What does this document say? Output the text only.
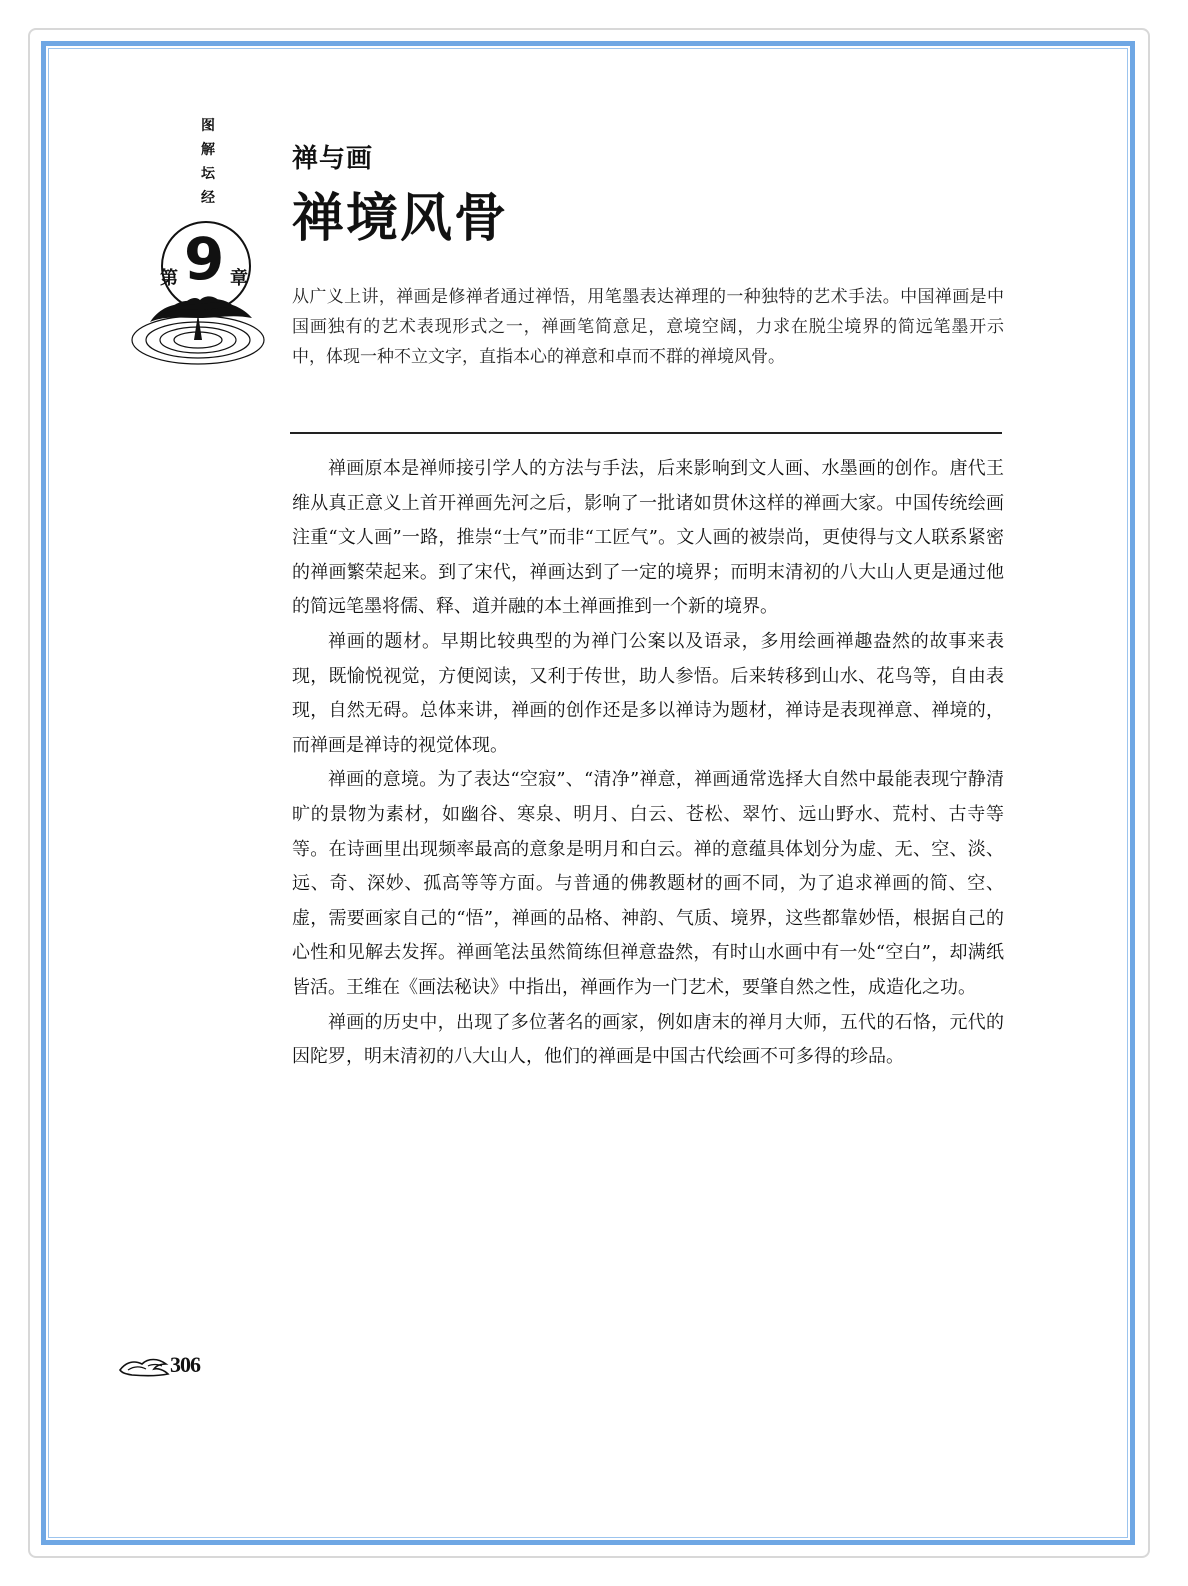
图
解
坛
经
第 9 章
禅与画
禅境风骨
从广义上讲，禅画是修禅者通过禅悟，用笔墨表达禅理的一种独特的艺术手法。中国禅画是中国画独有的艺术表现形式之一，禅画笔简意足，意境空阔，力求在脱尘境界的简远笔墨开示中，体现一种不立文字，直指本心的禅意和卓而不群的禅境风骨。

禅画原本是禅师接引学人的方法与手法，后来影响到文人画、水墨画的创作。唐代王维从真正意义上首开禅画先河之后，影响了一批诸如贯休这样的禅画大家。中国传统绘画注重“文人画”一路，推崇“士气”而非“工匠气”。文人画的被崇尚，更使得与文人联系紧密的禅画繁荣起来。到了宋代，禅画达到了一定的境界；而明末清初的八大山人更是通过他的简远笔墨将儒、释、道并融的本土禅画推到一个新的境界。

禅画的题材。早期比较典型的为禅门公案以及语录，多用绘画禅趣盎然的故事来表现，既愉悦视觉，方便阅读，又利于传世，助人参悟。后来转移到山水、花鸟等，自由表现，自然无碍。总体来讲，禅画的创作还是多以禅诗为题材，禅诗是表现禅意、禅境的，而禅画是禅诗的视觉体现。

禅画的意境。为了表达“空寂”、“清净”禅意，禅画通常选择大自然中最能表现宁静清旷的景物为素材，如幽谷、寒泉、明月、白云、苍松、翠竹、远山野水、荒村、古寺等等。在诗画里出现频率最高的意象是明月和白云。禅的意蕴具体划分为虚、无、空、淡、远、奇、深妙、孤高等等方面。与普通的佛教题材的画不同，为了追求禅画的简、空、虚，需要画家自己的“悟”，禅画的品格、神韵、气质、境界，这些都靠妙悟，根据自己的心性和见解去发挥。禅画笔法虽然简练但禅意盎然，有时山水画中有一处“空白”，却满纸皆活。王维在《画法秘诀》中指出，禅画作为一门艺术，要肇自然之性，成造化之功。

禅画的历史中，出现了多位著名的画家，例如唐末的禅月大师，五代的石恪，元代的因陀罗，明末清初的八大山人，他们的禅画是中国古代绘画不可多得的珍品。

306
